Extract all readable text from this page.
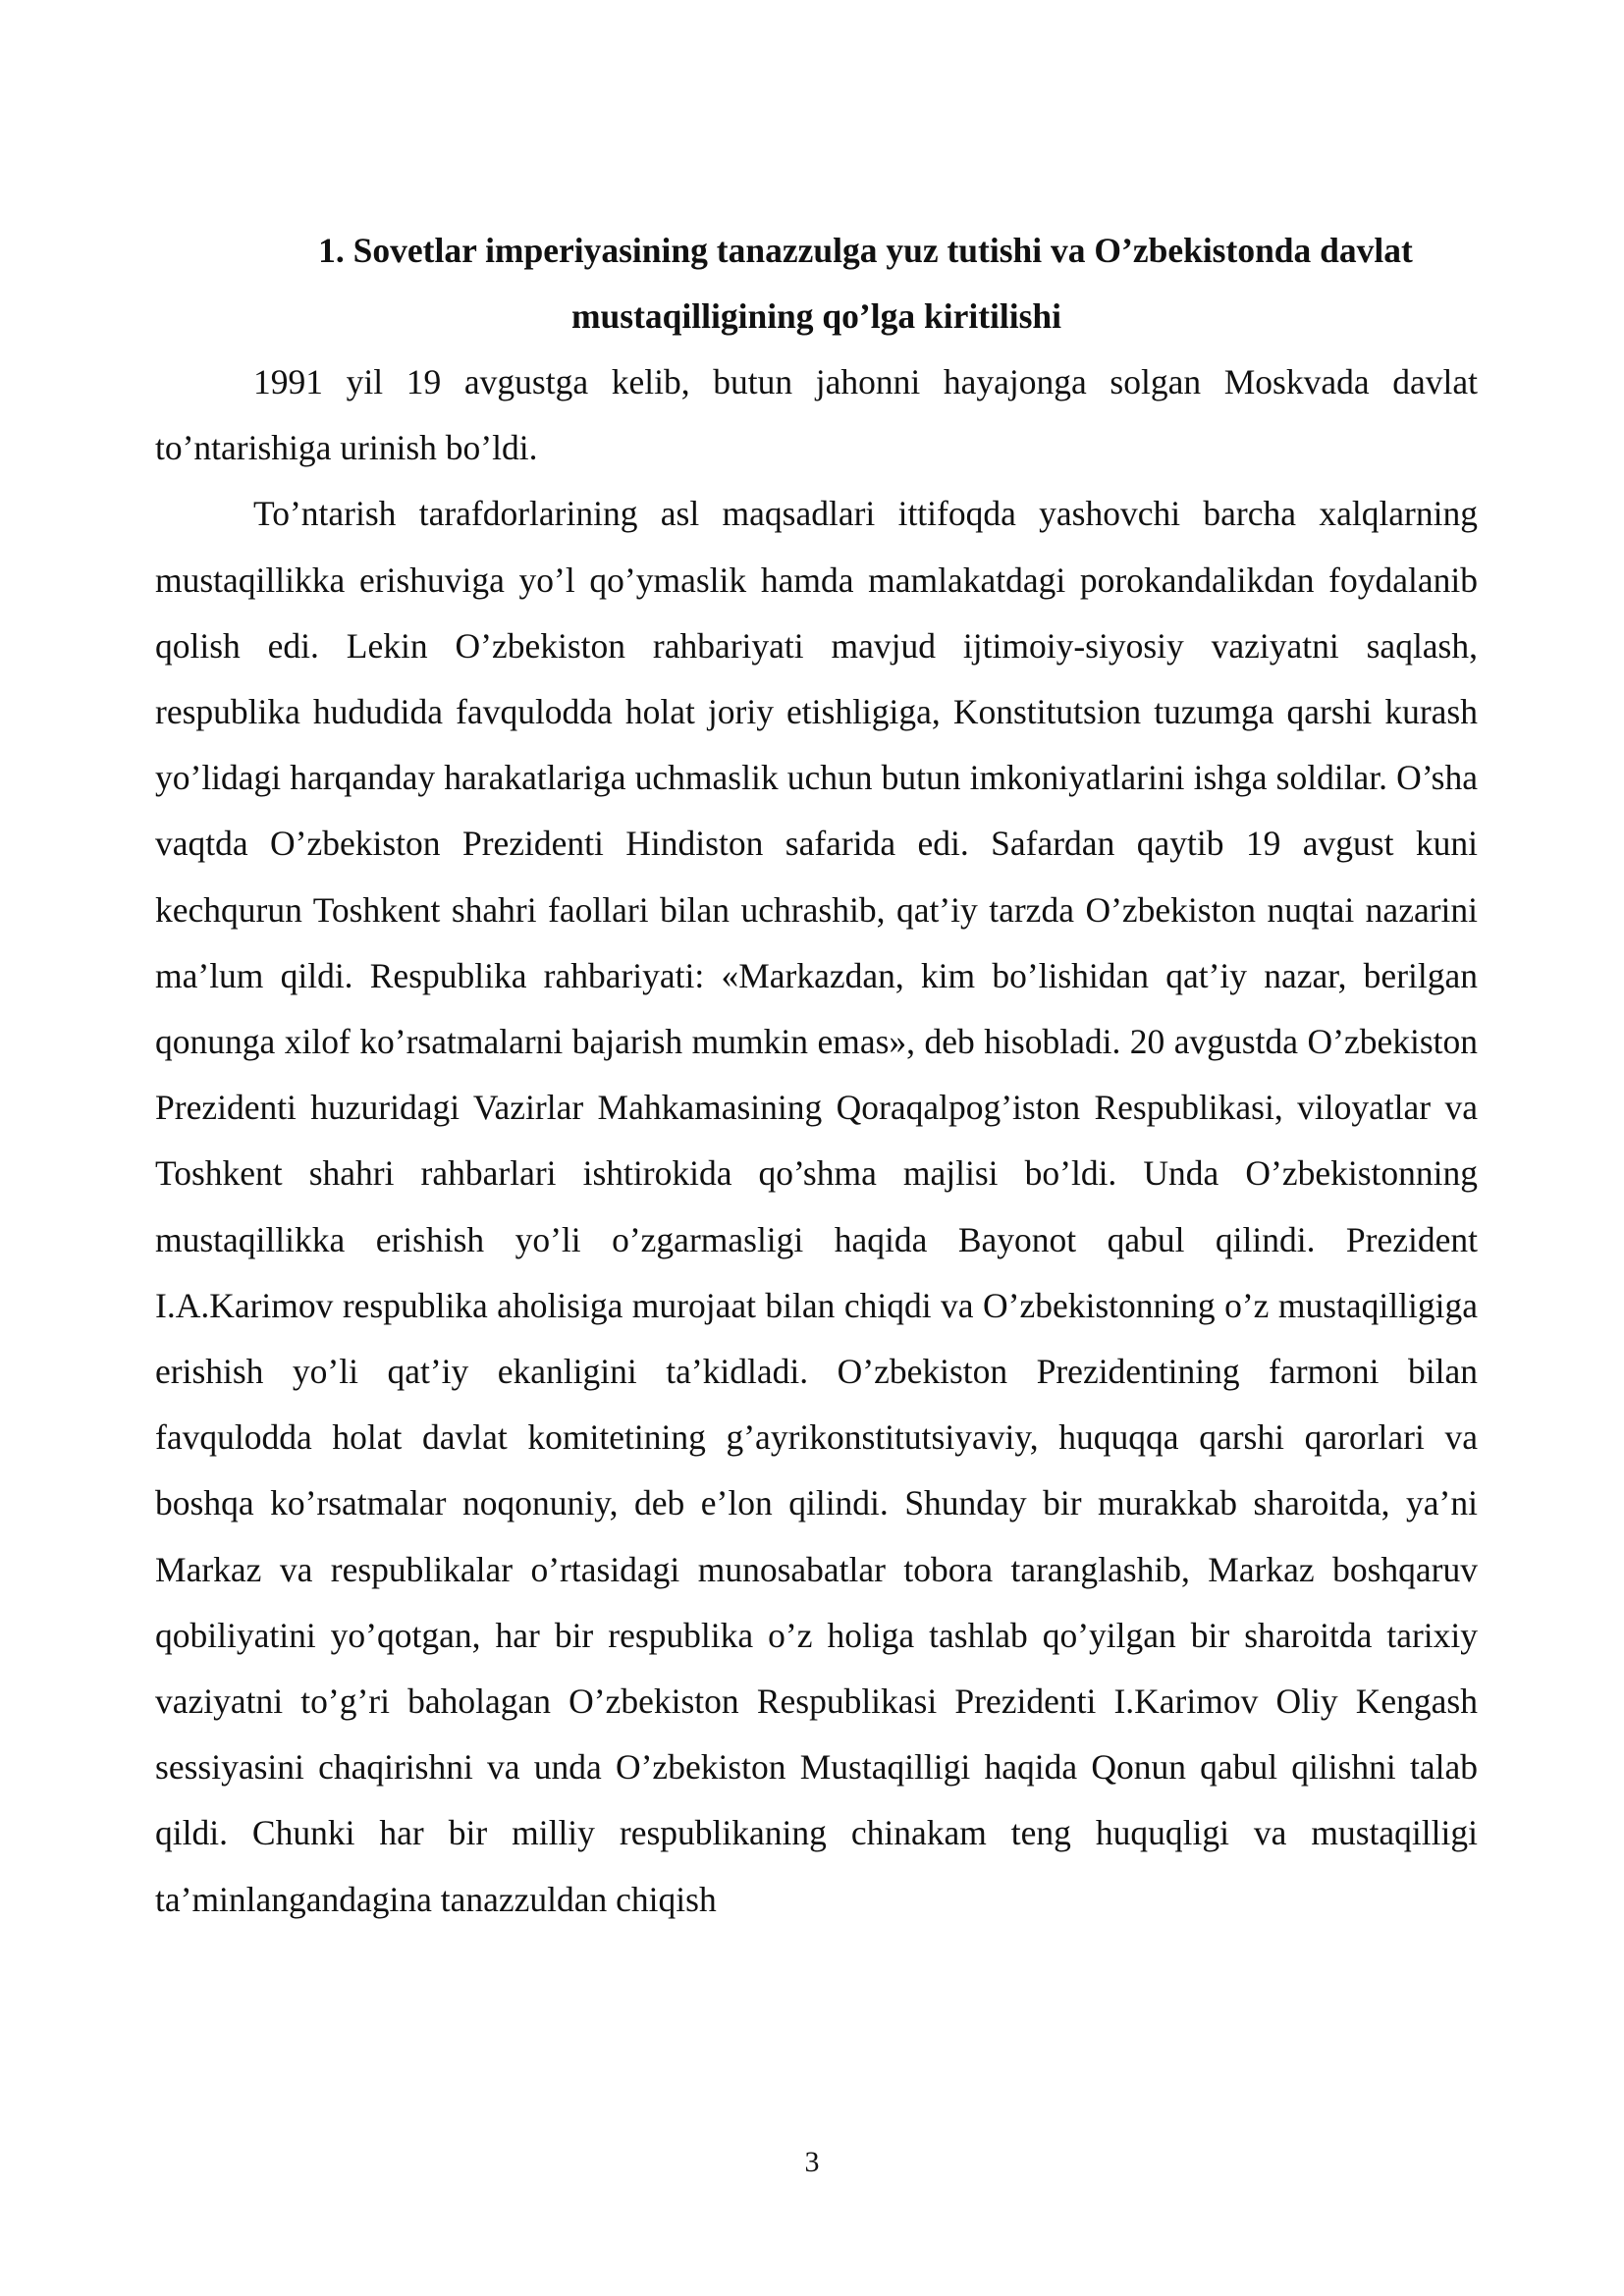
1. Sovetlar imperiyasining tanazzulga yuz tutishi va O’zbekistonda davlat mustaqilligining qo’lga kiritilishi

1991 yil 19 avgustga kelib, butun jahonni hayajonga solgan Moskvada davlat to’ntarishiga urinish bo’ldi.

To’ntarish tarafdorlarining asl maqsadlari ittifoqda yashovchi barcha xalqlarning mustaqillikka erishuviga yo’l qo’ymaslik hamda mamlakatdagi porokandalikdan foydalanib qolish edi. Lekin O’zbekiston rahbariyati mavjud ijtimoiy-siyosiy vaziyatni saqlash, respublika hududida favqulodda holat joriy etishligiga, Konstitutsion tuzumga qarshi kurash yo’lidagi harqanday harakatlariga uchmaslik uchun butun imkoniyatlarini ishga soldilar. O’sha vaqtda O’zbekiston Prezidenti Hindiston safarida edi. Safardan qaytib 19 avgust kuni kechqurun Toshkent shahri faollari bilan uchrashib, qat’iy tarzda O’zbekiston nuqtai nazarini ma’lum qildi. Respublika rahbariyati: «Markazdan, kim bo’lishidan qat’iy nazar, berilgan qonunga xilof ko’rsatmalarni bajarish mumkin emas», deb hisobladi. 20 avgustda O’zbekiston Prezidenti huzuridagi Vazirlar Mahkamasining Qoraqalpog’iston Respublikasi, viloyatlar va Toshkent shahri rahbarlari ishtirokida qo’shma majlisi bo’ldi. Unda O’zbekistonning mustaqillikka erishish yo’li o’zgarmasligi haqida Bayonot qabul qilindi. Prezident I.A.Karimov respublika aholisiga murojaat bilan chiqdi va O’zbekistonning o’z mustaqilligiga erishish yo’li qat’iy ekanligini ta’kidladi. O’zbekiston Prezidentining farmoni bilan favqulodda holat davlat komitetining g’ayrikonstitutsiyaviy, huquqqa qarshi qarorlari va boshqa ko’rsatmalar noqonuniy, deb e’lon qilindi. Shunday bir murakkab sharoitda, ya’ni Markaz va respublikalar o’rtasidagi munosabatlar tobora taranglashib, Markaz boshqaruv qobiliyatini yo’qotgan, har bir respublika o’z holiga tashlab qo’yilgan bir sharoitda tarixiy vaziyatni to’g’ri baholagan O’zbekiston Respublikasi Prezidenti I.Karimov Oliy Kengash sessiyasini chaqirishni va unda O’zbekiston Mustaqilligi haqida Qonun qabul qilishni talab qildi. Chunki har bir milliy respublikaning chinakam teng huquqligi va mustaqilligi ta’minlangandagina tanazzuldan chiqish

3
